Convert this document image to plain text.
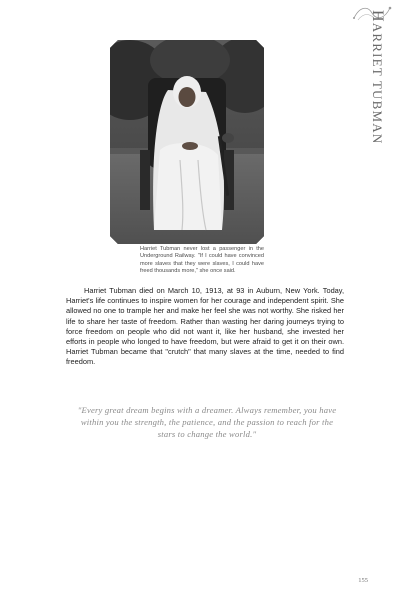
HARRIET TUBMAN
Harriet Tubman never lost a passenger in the Underground Railway. "If I could have convinced more slaves that they were slaves, I could have freed thousands more," she once said.

Harriet Tubman died on March 10, 1913, at 93 in Auburn, New York. Today, Harriet's life continues to inspire women for her courage and independent spirit. She allowed no one to trample her and make her feel she was not worthy. She risked her life to share her taste of freedom. Rather than wasting her daring journeys trying to force freedom on people who did not want it, like her husband, she invested her efforts in people who longed to have freedom, but were afraid to get it on their own. Harriet Tubman became that "crutch" that many slaves at the time, needed to find freedom.

"Every great dream begins with a dreamer. Always remember, you have within you the strength, the patience, and the passion to reach for the stars to change the world."

155
